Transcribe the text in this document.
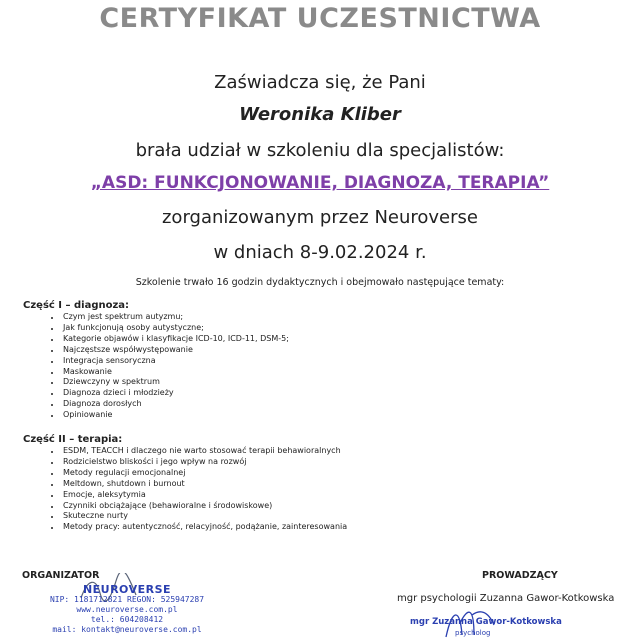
CERTYFIKAT UCZESTNICTWA
Zaświadcza się, że Pani
Weronika Kliber
brała udział w szkoleniu dla specjalistów:
„ASD: FUNKCJONOWANIE, DIAGNOZA, TERAPIA”
zorganizowanym przez Neuroverse
w dniach 8-9.02.2024 r.
Szkolenie trwało 16 godzin dydaktycznych i obejmowało następujące tematy:
Część I – diagnoza:
• Czym jest spektrum autyzmu;
• Jak funkcjonują osoby autystyczne;
• Kategorie objawów i klasyfikacje ICD-10, ICD-11, DSM-5;
• Najczęstsze współwystępowanie
• Integracja sensoryczna
• Maskowanie
• Dziewczyny w spektrum
• Diagnoza dzieci i młodzieży
• Diagnoza dorosłych
• Opiniowanie
Część II – terapia:
• ESDM, TEACCH i dlaczego nie warto stosować terapii behawioralnych
• Rodzicielstwo bliskości i jego wpływ na rozwój
• Metody regulacji emocjonalnej
• Meltdown, shutdown i burnout
• Emocje, aleksytymia
• Czynniki obciążające (behawioralne i środowiskowe)
• Skuteczne nurty
• Metody pracy: autentyczność, relacyjność, podążanie, zainteresowania
ORGANIZATOR	PROWADZĄCY
mgr psychologii Zuzanna Gawor-Kotkowska
NEUROVERSE
NIP: 1181712821 REGON: 525947287
www.neuroverse.com.pl
tel.: 604208412
mail: kontakt@neuroverse.com.pl
mgr Zuzanna Gawor-Kotkowska
psycholog
